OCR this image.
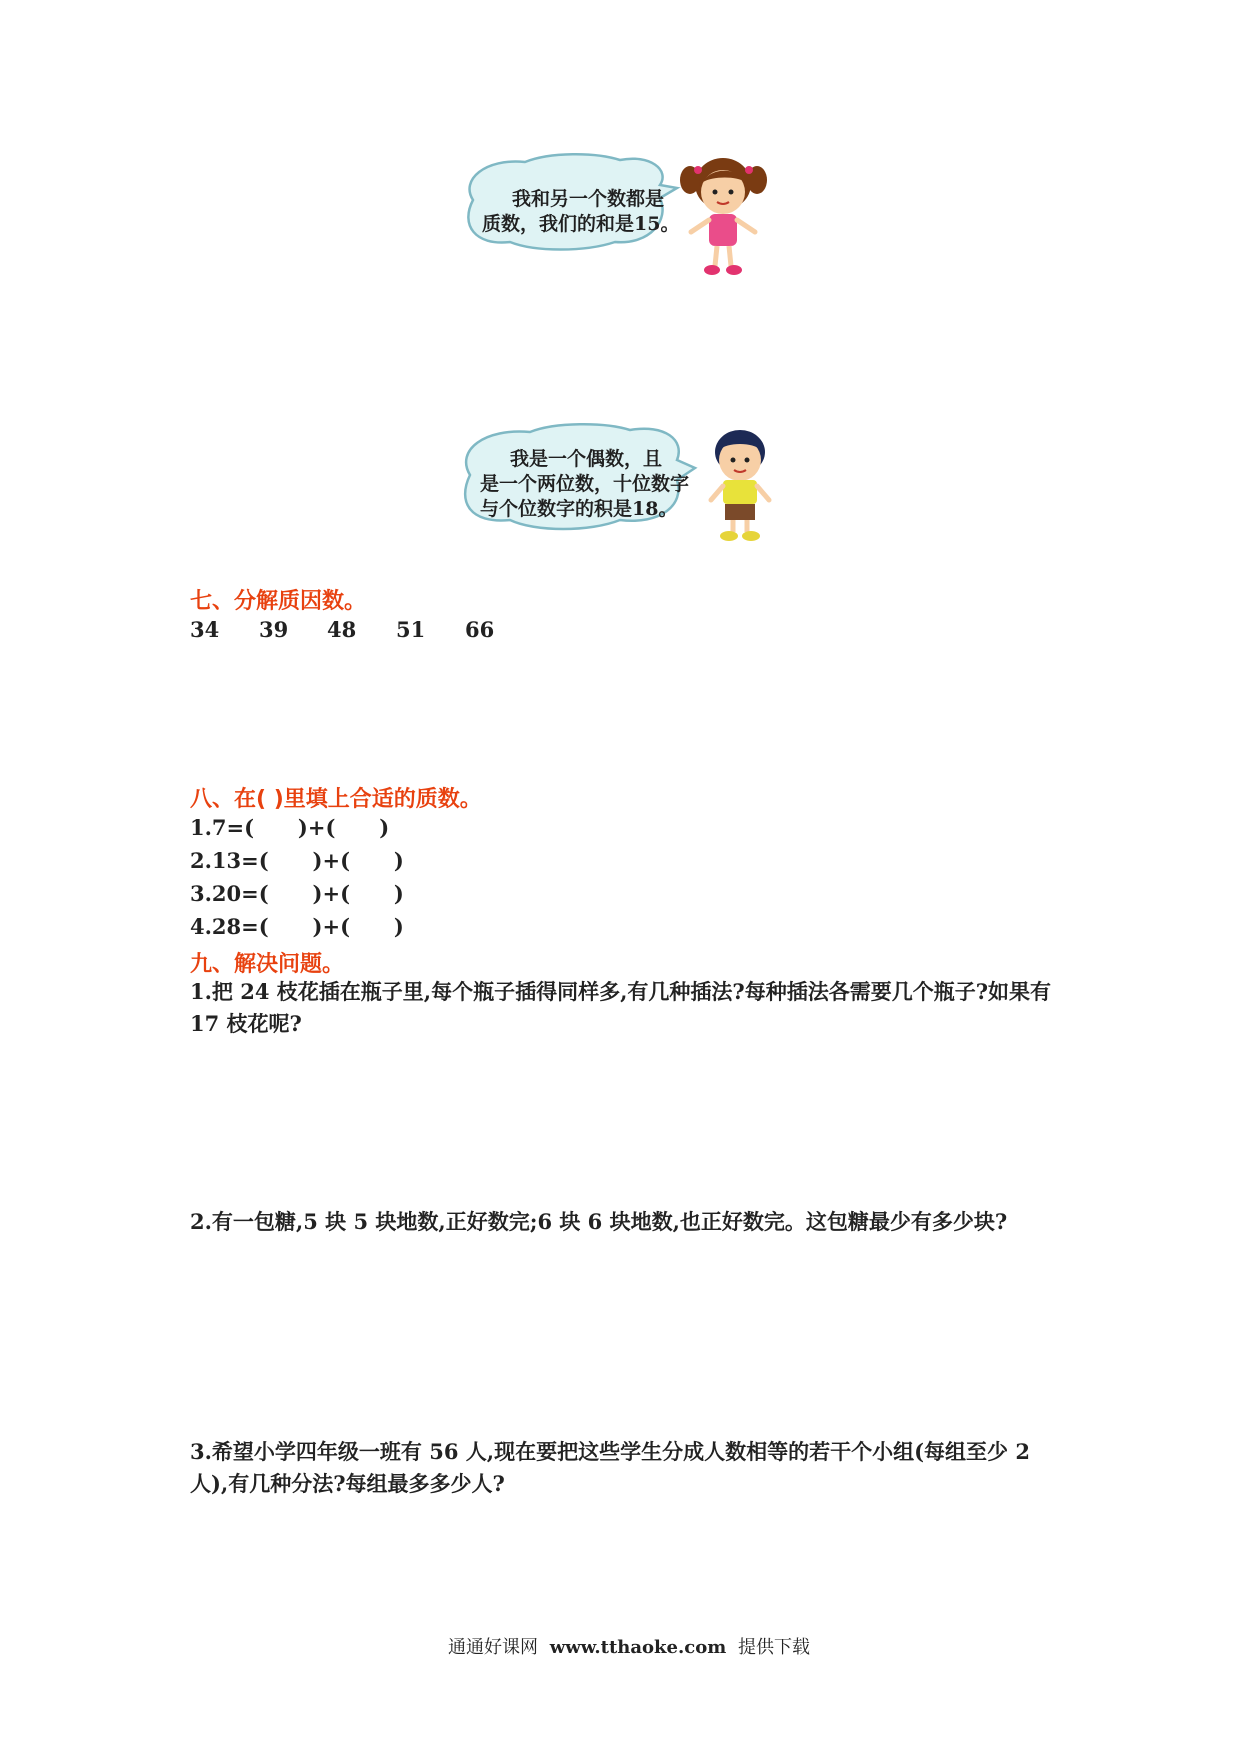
我和另一个数都是
质数，我们的和是15。
我是一个偶数，且
是一个两位数，十位数字
与个位数字的积是18。
七、分解质因数。
34 39 48 51 66
八、在( )里填上合适的质数。
1.7=(      )+(      )
2.13=(      )+(      )
3.20=(      )+(      )
4.28=(      )+(      )
九、解决问题。
1.把 24 枝花插在瓶子里,每个瓶子插得同样多,有几种插法?每种插法各需要几个瓶子?如果有 17 枝花呢?
2.有一包糖,5 块 5 块地数,正好数完;6 块 6 块地数,也正好数完。这包糖最少有多少块?
3.希望小学四年级一班有 56 人,现在要把这些学生分成人数相等的若干个小组(每组至少 2 人),有几种分法?每组最多多少人?
通通好课网 www.tthaoke.com 提供下载
